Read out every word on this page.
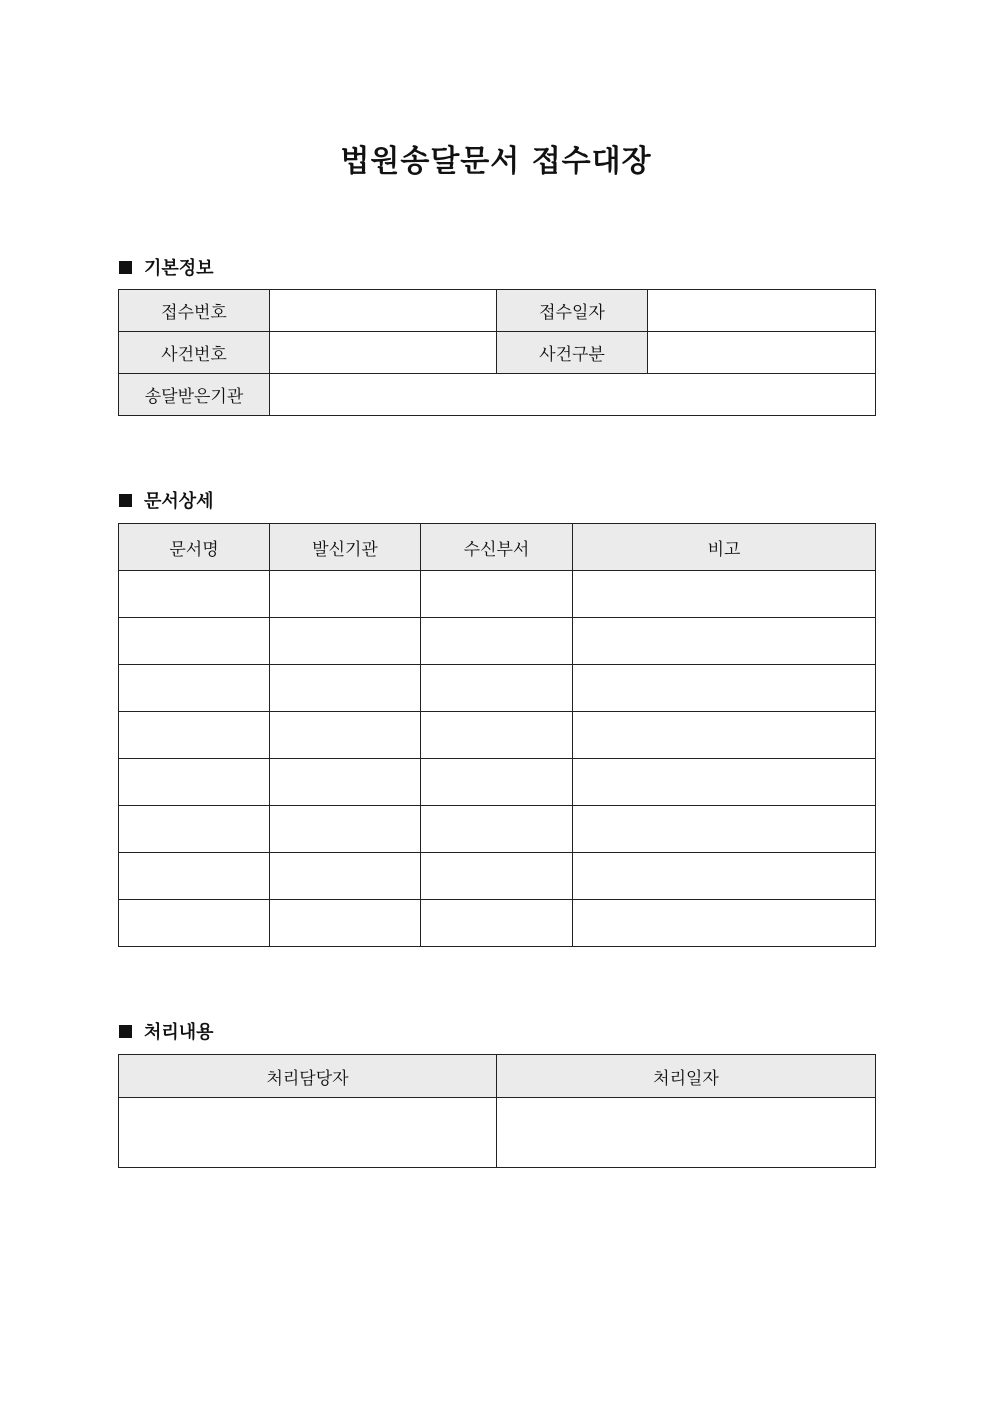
법원송달문서 접수대장
기본정보
접수번호		접수일자	
사건번호		사건구분	
송달받은기관			
문서상세
문서명	발신기관	수신부서	비고

처리내용
처리담당자	처리일자
